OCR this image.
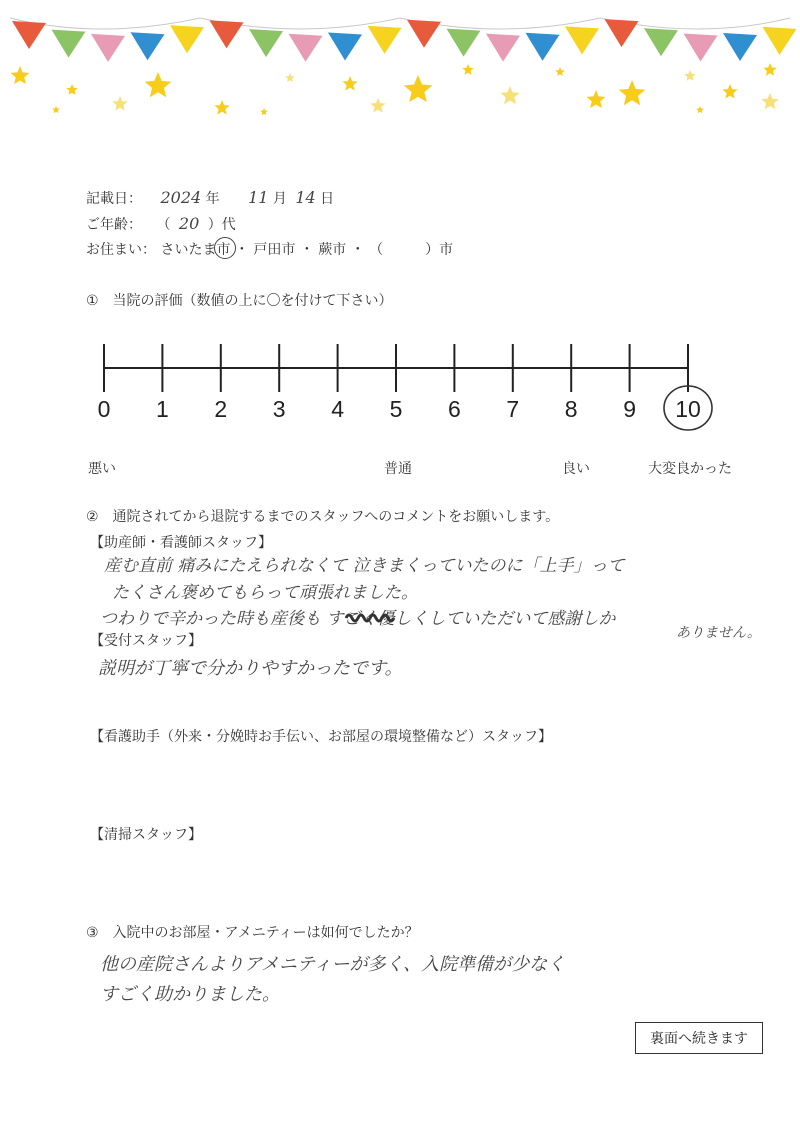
記載日： 2024 年 11 月 14 日
ご年齢： （ 20 ）代
お住まい： さいたま市 ・ 戸田市 ・ 蕨市 ・ （　　　）市
①　当院の評価（数値の上に〇を付けて下さい）
0 1 2 3 4 5 6 7 8 9 10
悪い	普通	良い	大変良かった
②　通院されてから退院するまでのスタッフへのコメントをお願いします。
【助産師・看護師スタッフ】
産む直前 痛みにたえられなくて 泣きまくっていたのに「上手」って
たくさん褒めてもらって頑張れました。
つわりで辛かった時も産後も すごく優しくしていただいて感謝しか
ありません。
【受付スタッフ】
説明が丁寧で分かりやすかったです。
【看護助手（外来・分娩時お手伝い、お部屋の環境整備など）スタッフ】
【清掃スタッフ】
③　入院中のお部屋・アメニティーは如何でしたか？
他の産院さんよりアメニティーが多く、入院準備が少なく
すごく助かりました。
裏面へ続きます
